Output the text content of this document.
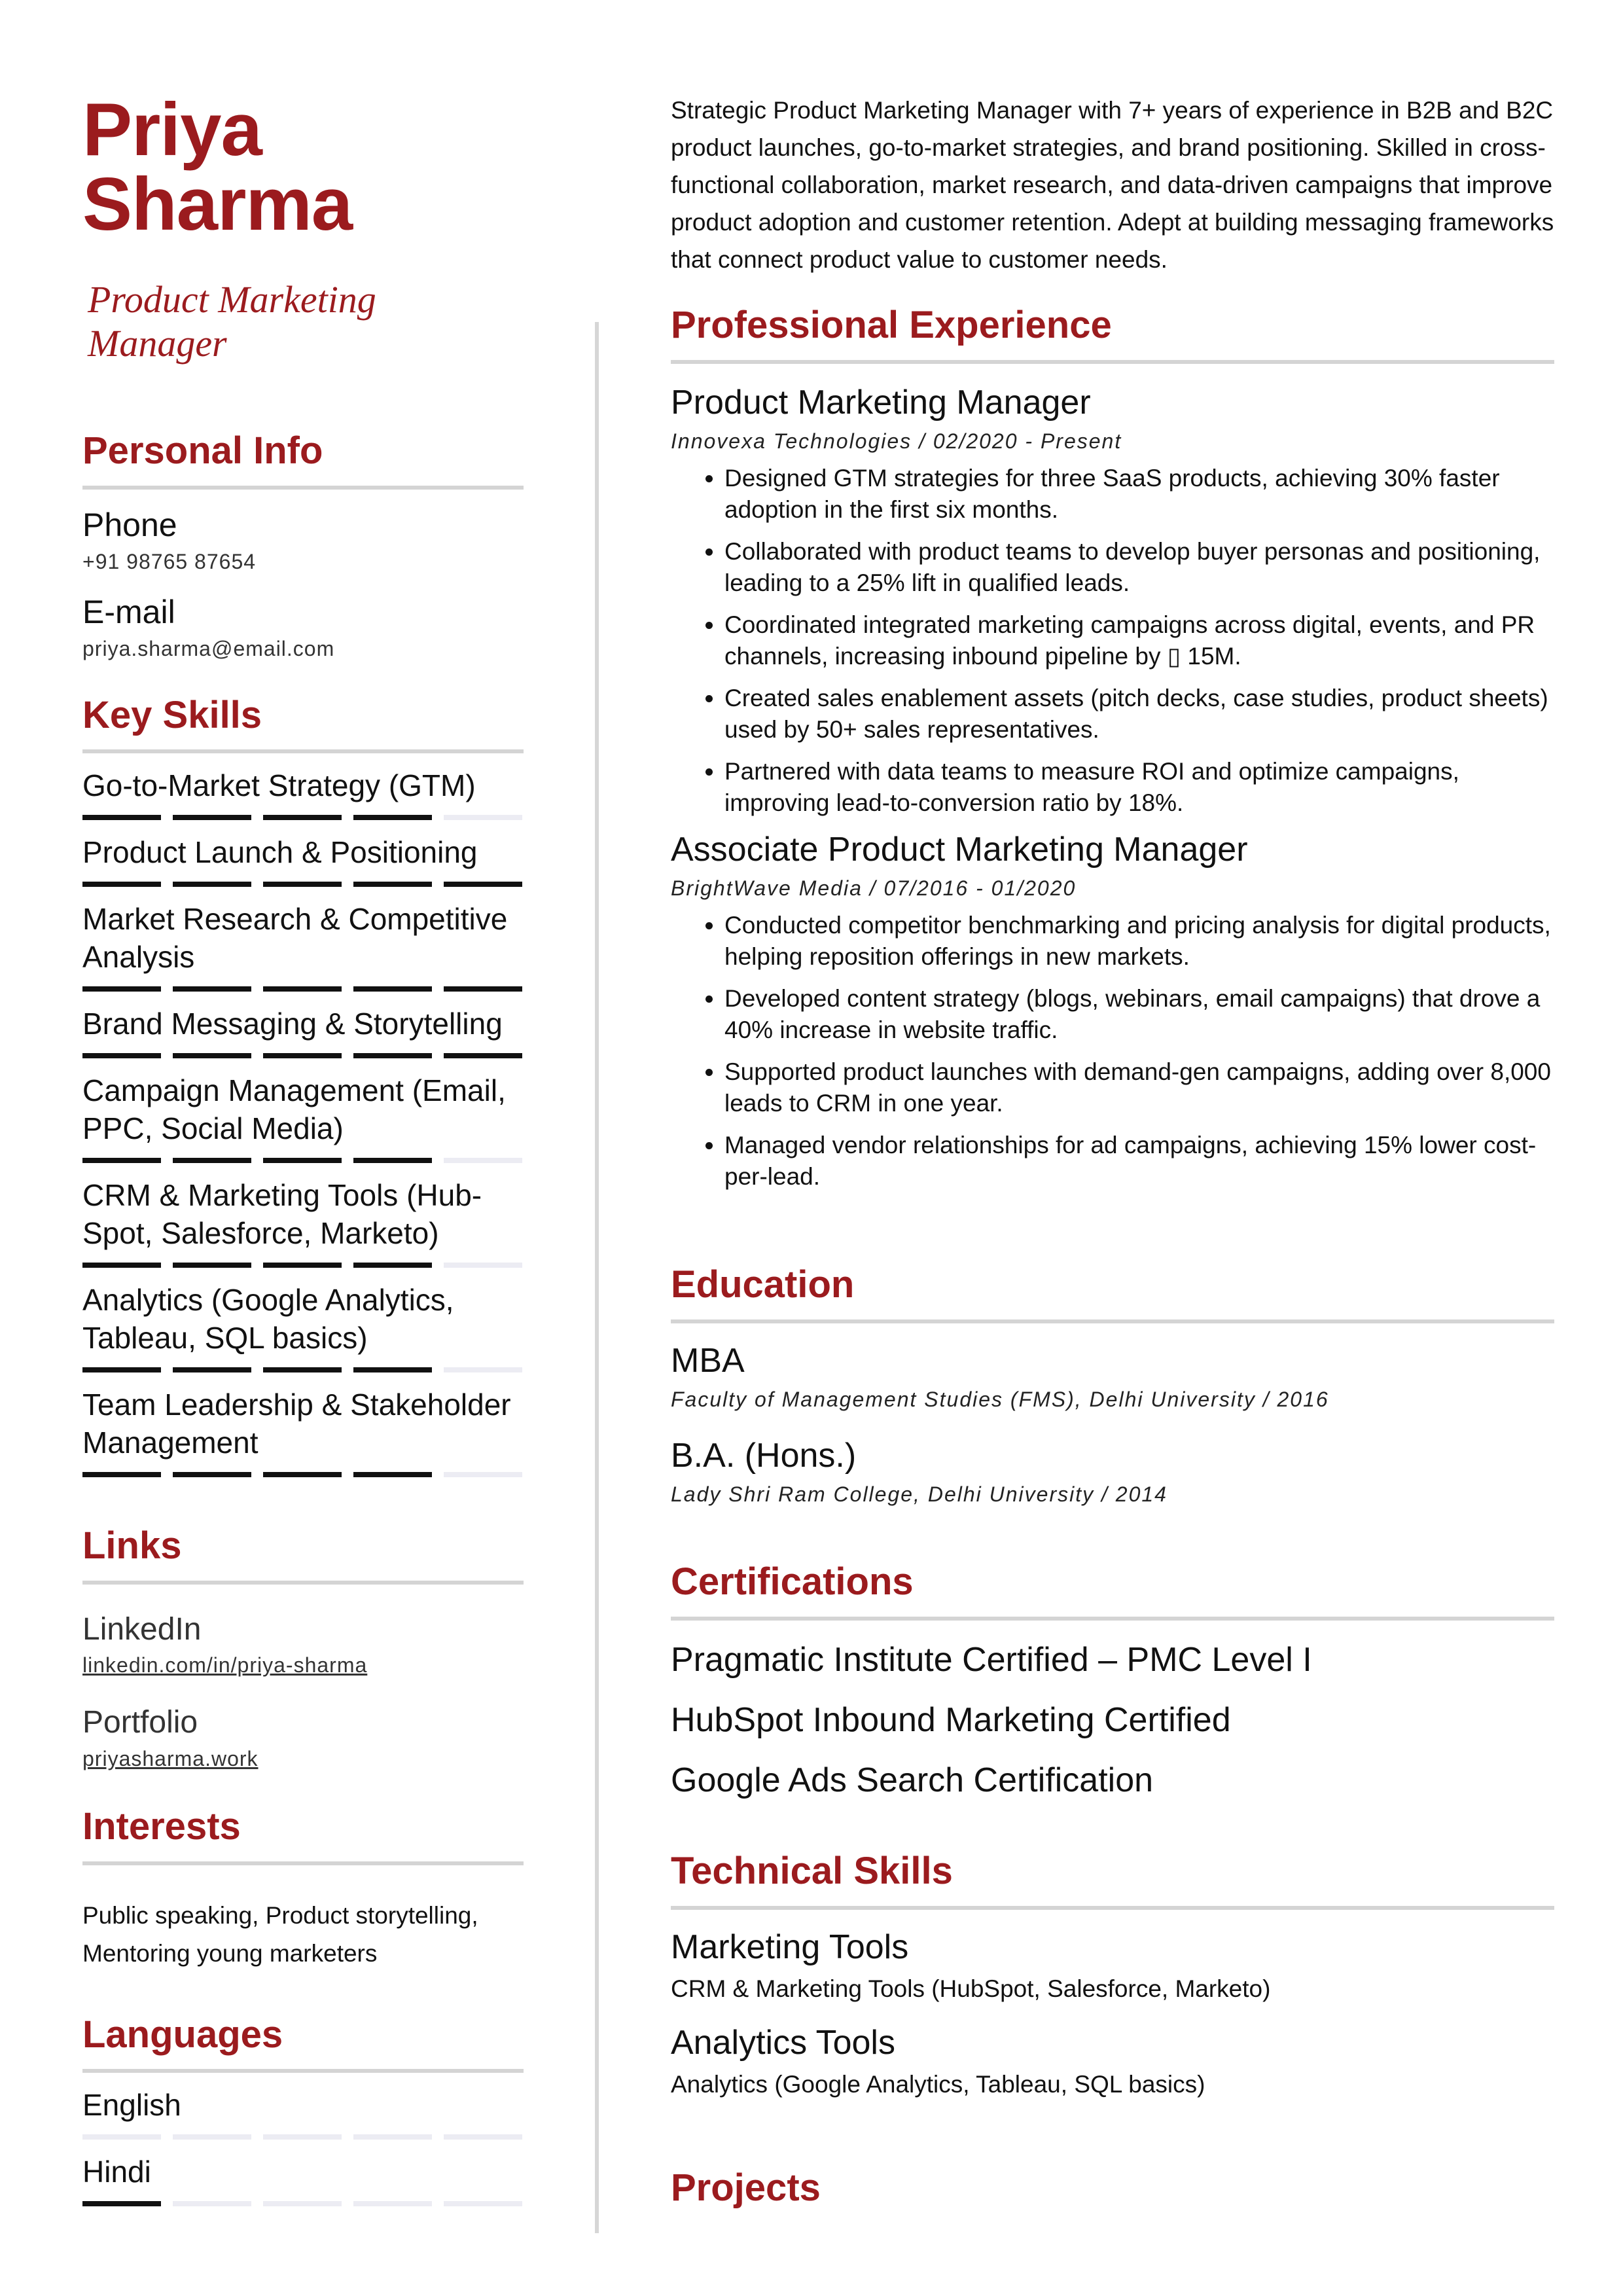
Priya Sharma
Product Marketing Manager
Personal Info
Phone
+91 98765 87654
E-mail
priya.sharma@email.com
Key Skills
Go-to-Market Strategy (GTM)
Product Launch & Positioning
Market Research & Competitive Analysis
Brand Messaging & Storytelling
Campaign Management (Email, PPC, Social Media)
CRM & Marketing Tools (Hub-Spot, Salesforce, Marketo)
Analytics (Google Analytics, Tableau, SQL basics)
Team Leadership & Stakeholder Management
Links
LinkedIn
linkedin.com/in/priya-sharma
Portfolio
priyasharma.work
Interests
Public speaking, Product storytelling, Mentoring young marketers
Languages
English
Hindi
Strategic Product Marketing Manager with 7+ years of experience in B2B and B2C product launches, go-to-market strategies, and brand positioning. Skilled in cross-functional collaboration, market research, and data-driven campaigns that improve product adoption and customer retention. Adept at building messaging frameworks that connect product value to customer needs.
Professional Experience
Product Marketing Manager
Innovexa Technologies / 02/2020 - Present
• Designed GTM strategies for three SaaS products, achieving 30% faster adoption in the first six months.
• Collaborated with product teams to develop buyer personas and positioning, leading to a 25% lift in qualified leads.
• Coordinated integrated marketing campaigns across digital, events, and PR channels, increasing inbound pipeline by ▯ 15M.
• Created sales enablement assets (pitch decks, case studies, product sheets) used by 50+ sales representatives.
• Partnered with data teams to measure ROI and optimize campaigns, improving lead-to-conversion ratio by 18%.
Associate Product Marketing Manager
BrightWave Media / 07/2016 - 01/2020
• Conducted competitor benchmarking and pricing analysis for digital products, helping reposition offerings in new markets.
• Developed content strategy (blogs, webinars, email campaigns) that drove a 40% increase in website traffic.
• Supported product launches with demand-gen campaigns, adding over 8,000 leads to CRM in one year.
• Managed vendor relationships for ad campaigns, achieving 15% lower cost-per-lead.
Education
MBA
Faculty of Management Studies (FMS), Delhi University / 2016
B.A. (Hons.)
Lady Shri Ram College, Delhi University / 2014
Certifications
Pragmatic Institute Certified – PMC Level I
HubSpot Inbound Marketing Certified
Google Ads Search Certification
Technical Skills
Marketing Tools
CRM & Marketing Tools (HubSpot, Salesforce, Marketo)
Analytics Tools
Analytics (Google Analytics, Tableau, SQL basics)
Projects
